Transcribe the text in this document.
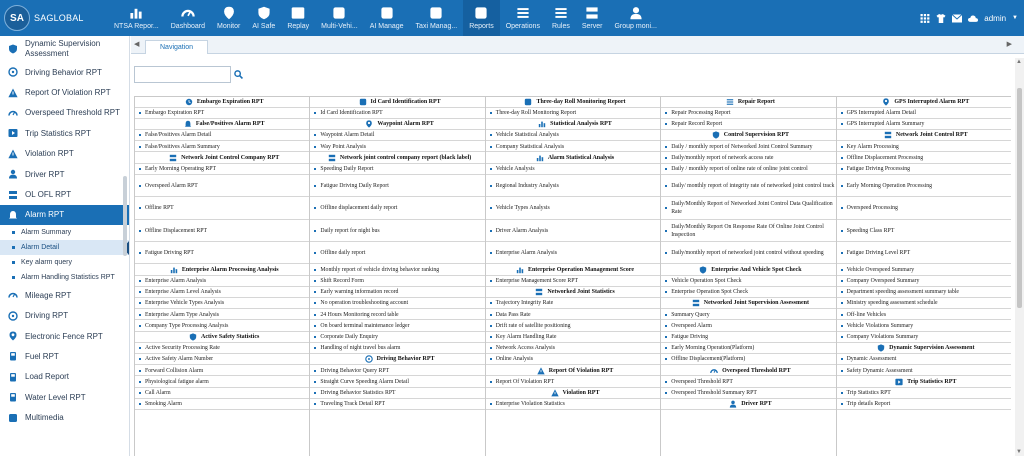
SA	SAGLOBAL
NTSA Repor... Dashboard Monitor AI Safe Replay Multi-Vehi... AI Manage Taxi Manag... Reports Operations Rules Server Group moni...
admin ▼
Dynamic Supervision Assessment
Driving Behavior RPT
Report Of Violation RPT
Overspeed Threshold RPT
Trip Statistics RPT
Violation RPT
Driver RPT
OL OFL RPT
Alarm RPT
Alarm Summary
Alarm Detail
Key alarm query
Alarm Handling Statistics RPT
Mileage RPT
Driving RPT
Electronic Fence RPT
Fuel RPT
Load Report
Water Level RPT
Multimedia
◀	Navigation	▶
Embargo Expiration RPT
Embargo Expiration RPT
False/Positives Alarm RPT
False/Positives Alarm Detail
False/Positives Alarm Summary
Network Joint Control Company RPT
Early Morning Operating RPT
Overspeed Alarm RPT
Offline RPT
Offline Displacement RPT
Fatigue Driving RPT
Enterprise Alarm Processing Analysis
Enterprise Alarm Analysis
Enterprise Alarm Level Analysis
Enterprise Vehicle Types Analysis
Enterprise Alarm Type Analysis
Company Type Processing Analysis
Active Safety Statistics
Active Security Processing Rate
Active Safety Alarm Number
Forward Collision Alarm
Physiological fatigue alarm
Call Alarm
Smoking Alarm
Id Card Identification RPT
Id Card Identification RPT
Waypoint Alarm RPT
Waypoint Alarm Detail
Way Point Analysis
Network joint control company report (black label)
Speeding Daily Report
Fatigue Driving Daily Report
Offline displacement daily report
Daily report for night bus
Offline daily report
Monthly report of vehicle driving behavior ranking
Shift Record Form
Early warning information record
No operation troubleshooting account
24 Hours Monitoring record table
On board terminal maintenance ledger
Corporate Daily Enquiry
Handling of night travel bus alarm
Driving Behavior RPT
Driving Behavior Query RPT
Straight Curve Speeding Alarm Detail
Driving Behavior Statistics RPT
Traveling Track Detail RPT
Three-day Roll Monitoring Report
Three-day Roll Monitoring Report
Statistical Analysis RPT
Vehicle Statistical Analysis
Company Statistical Analysis
Alarm Statistical Analysis
Vehicle Analysis
Regional Industry Analysis
Vehicle Types Analysis
Driver Alarm Analysis
Enterprise Alarm Analysis
Enterprise Operation Management Score
Enterprise Management Score RPT
Networked Joint Statistics
Trajectory Integrity Rate
Data Pass Rate
Drift rate of satellite positioning
Key Alarm Handling Rate
Network Access Analysis
Online Analysis
Report Of Violation RPT
Report Of Violation RPT
Violation RPT
Enterprise Violation Statistics
Repair Report
Repair Processing Report
Repair Record Report
Control Supervision RPT
Daily / monthly report of Networked Joint Control Summary
Daily/monthly report of network access rate
Daily / monthly report of online rate of online joint control
Daily/ monthly report of integrity rate of networked joint control track
Daily/Monthly Report of Networked Joint Control Data Qualification Rate
Daily/Monthly Report On Response Rate Of Online Joint Control Inspection
Daily/monthly report of networked joint control without speeding
Enterprise And Vehicle Spot Check
Vehicle Operation Spot Check
Enterprise Operation Spot Check
Networked Joint Supervision Assessment
Summary Query
Overspeed Alarm
Fatigue Driving
Early Morning Operation(Platform)
Offline Displacement(Platform)
Overspeed Threshold RPT
Overspeed Threshold RPT
Overspeed Threshold Summary RPT
Driver RPT
GPS Interrupted Alarm RPT
GPS Interrupted Alarm Detail
GPS Interrupted Alarm Summary
Network Joint Control RPT
Key Alarm Processing
Offline Displacement Processing
Fatigue Driving Processing
Early Morning Operation Processing
Overspeed Processing
Speeding Class RPT
Fatigue Driving Level RPT
Vehicle Overspeed Summary
Company Overspeed Summary
Department speeding assessment summary table
Ministry speeding assessment schedule
Off-line Vehicles
Vehicle Violations Summary
Company Violations Summary
Dynamic Supervision Assessment
Dynamic Assessment
Safety Dynamic Assessment
Trip Statistics RPT
Trip Statistics RPT
Trip details Report
▲
▼
